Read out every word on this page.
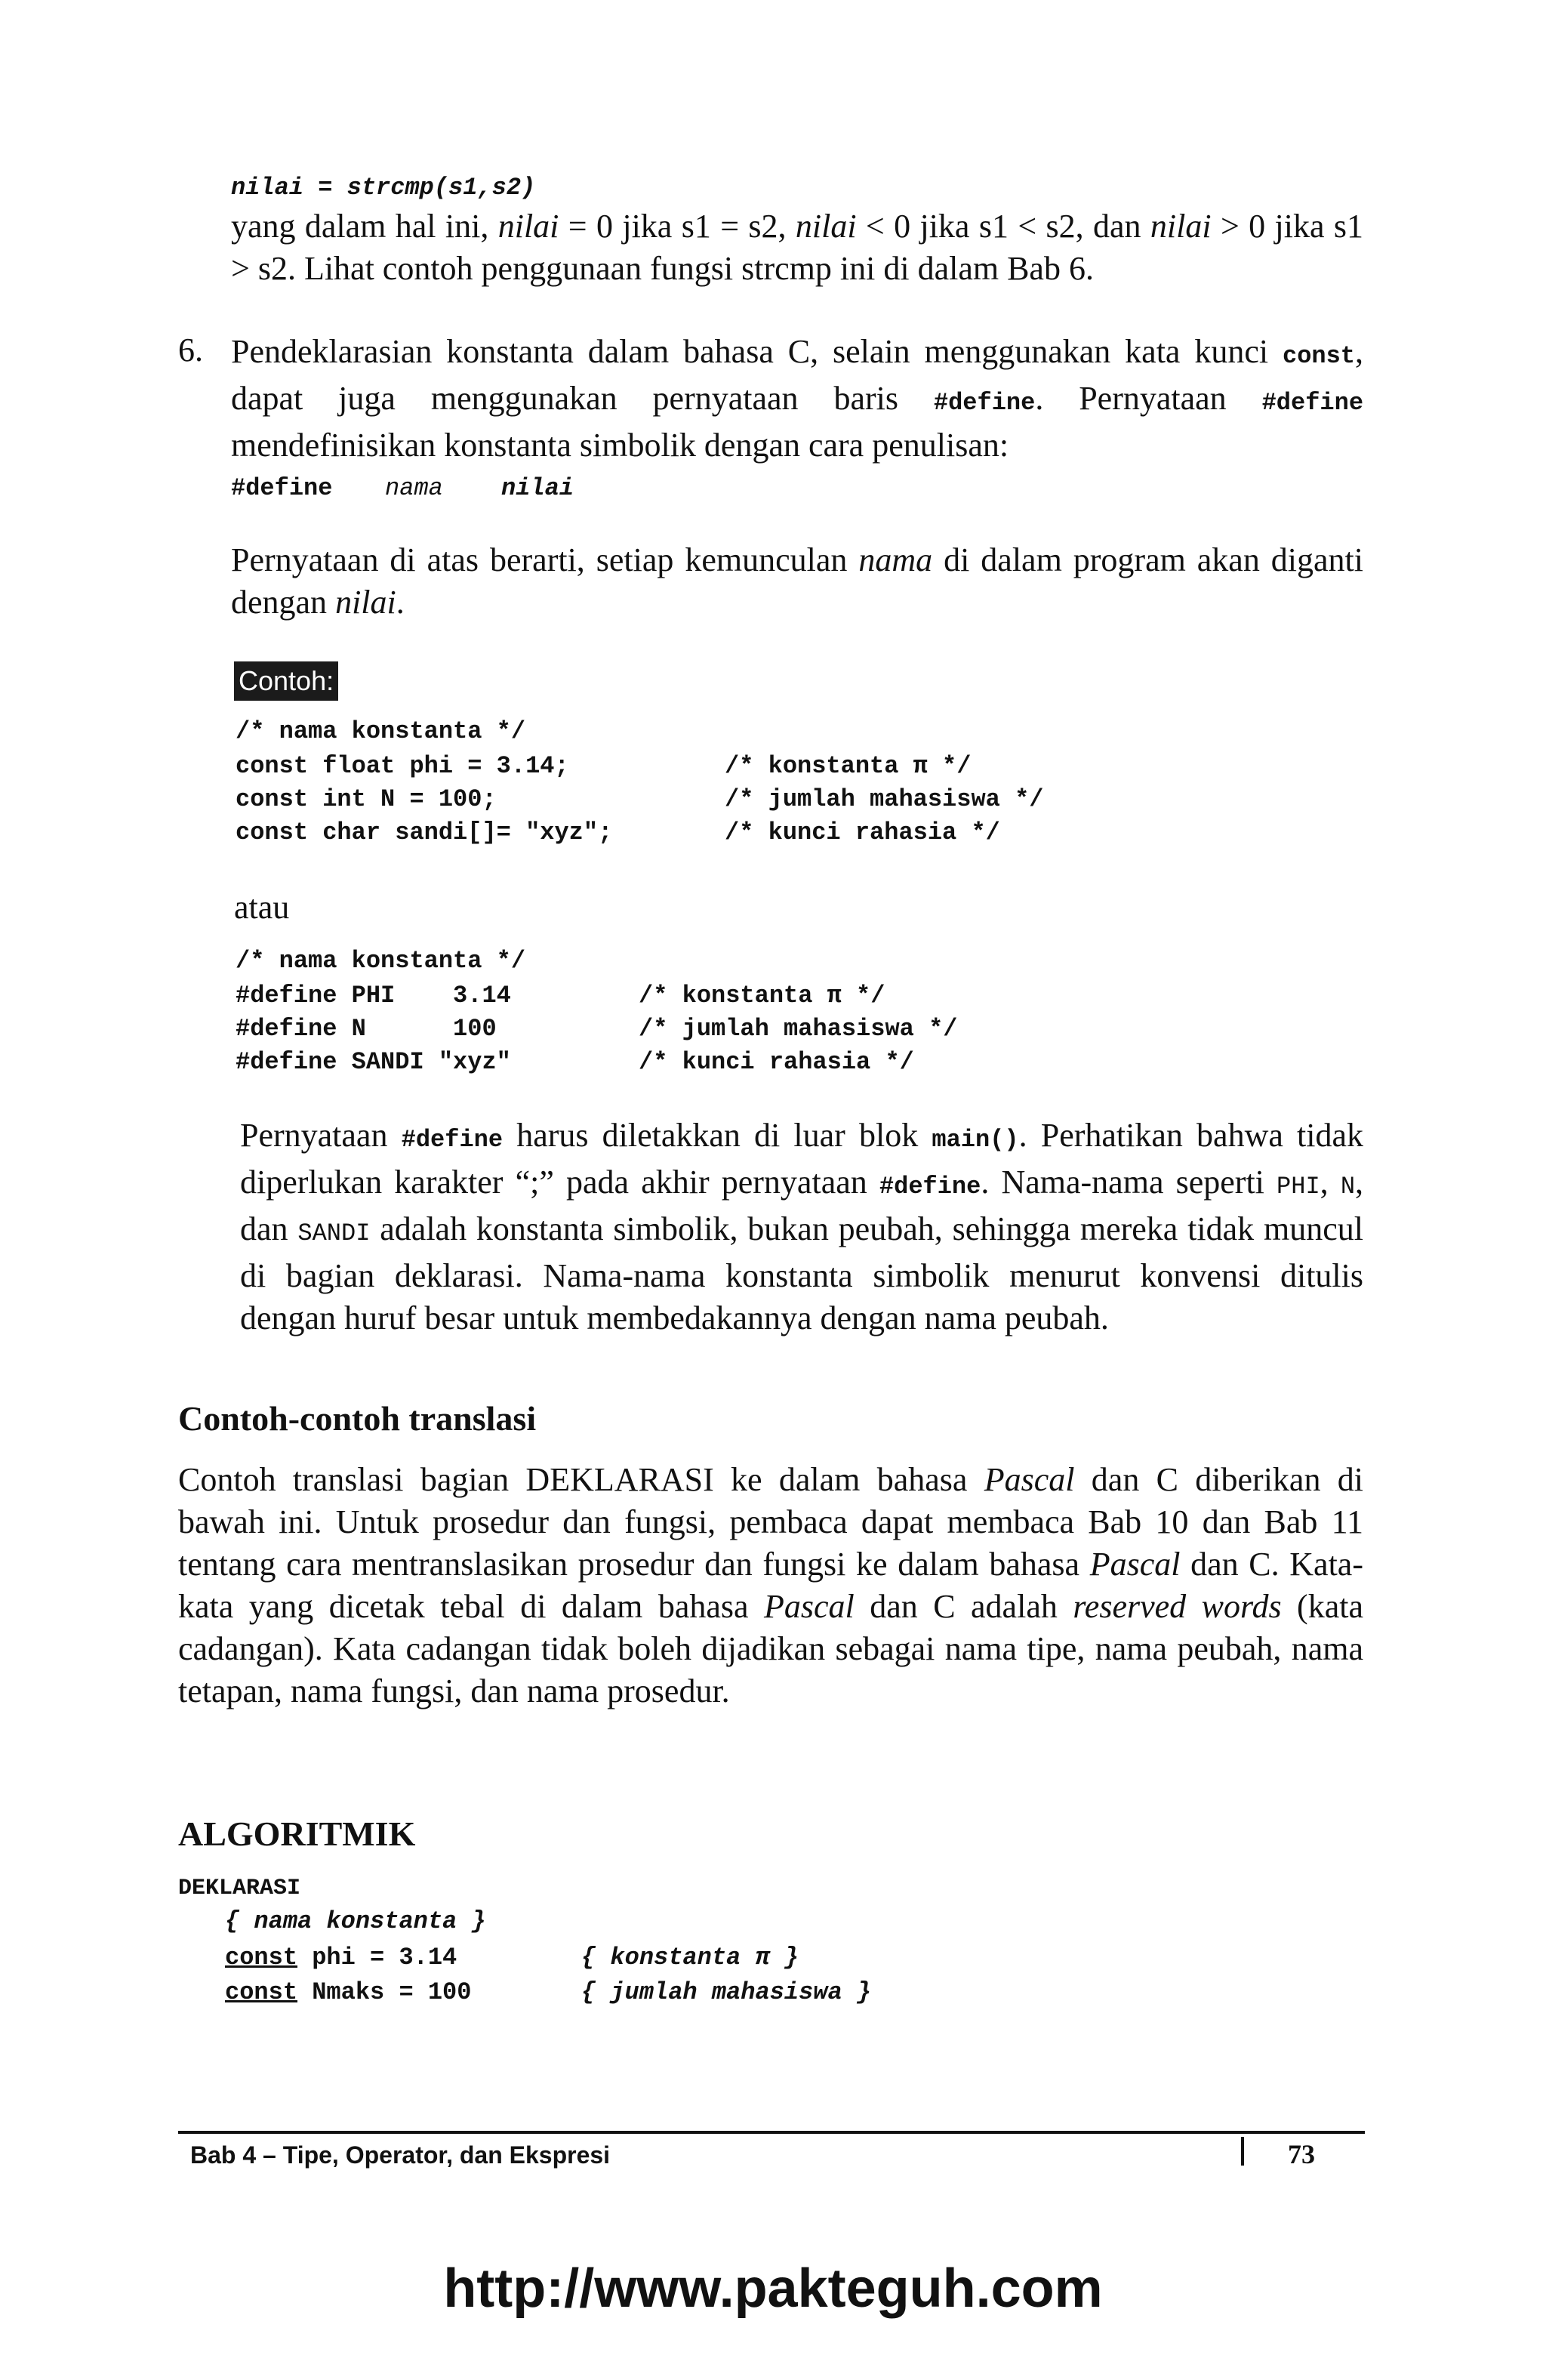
nilai = strcmp(s1,s2)
yang dalam hal ini, nilai = 0 jika s1 = s2, nilai < 0 jika s1 < s2, dan nilai > 0 jika s1 > s2. Lihat contoh penggunaan fungsi strcmp ini di dalam Bab 6.
6. Pendeklarasian konstanta dalam bahasa C, selain menggunakan kata kunci const, dapat juga menggunakan pernyataan baris #define. Pernyataan #define mendefinisikan konstanta simbolik dengan cara penulisan:
#define nama nilai
Pernyataan di atas berarti, setiap kemunculan nama di dalam program akan diganti dengan nilai.
Contoh:
/* nama konstanta */
const float phi = 3.14;
const int N = 100;
const char sandi[]= "xyz";
/* konstanta π */
/* jumlah mahasiswa */
/* kunci rahasia */
atau
/* nama konstanta */
#define PHI    3.14
#define N      100
#define SANDI "xyz"
/* konstanta π */
/* jumlah mahasiswa */
/* kunci rahasia */
Pernyataan #define harus diletakkan di luar blok main(). Perhatikan bahwa tidak diperlukan karakter “;” pada akhir pernyataan #define. Nama-nama seperti PHI, N, dan SANDI adalah konstanta simbolik, bukan peubah, sehingga mereka tidak muncul di bagian deklarasi. Nama-nama konstanta simbolik menurut konvensi ditulis dengan huruf besar untuk membedakannya dengan nama peubah.
Contoh-contoh translasi
Contoh translasi bagian DEKLARASI ke dalam bahasa Pascal dan C diberikan di bawah ini. Untuk prosedur dan fungsi, pembaca dapat membaca Bab 10 dan Bab 11 tentang cara mentranslasikan prosedur dan fungsi ke dalam bahasa Pascal dan C. Kata-kata yang dicetak tebal di dalam bahasa Pascal dan C adalah reserved words (kata cadangan). Kata cadangan tidak boleh dijadikan sebagai nama tipe, nama peubah, nama tetapan, nama fungsi, dan nama prosedur.
ALGORITMIK
DEKLARASI
{ nama konstanta }
const phi = 3.14
const Nmaks = 100
{ konstanta π }
{ jumlah mahasiswa }
Bab 4 – Tipe, Operator, dan Ekspresi	73
http://www.pakteguh.com
